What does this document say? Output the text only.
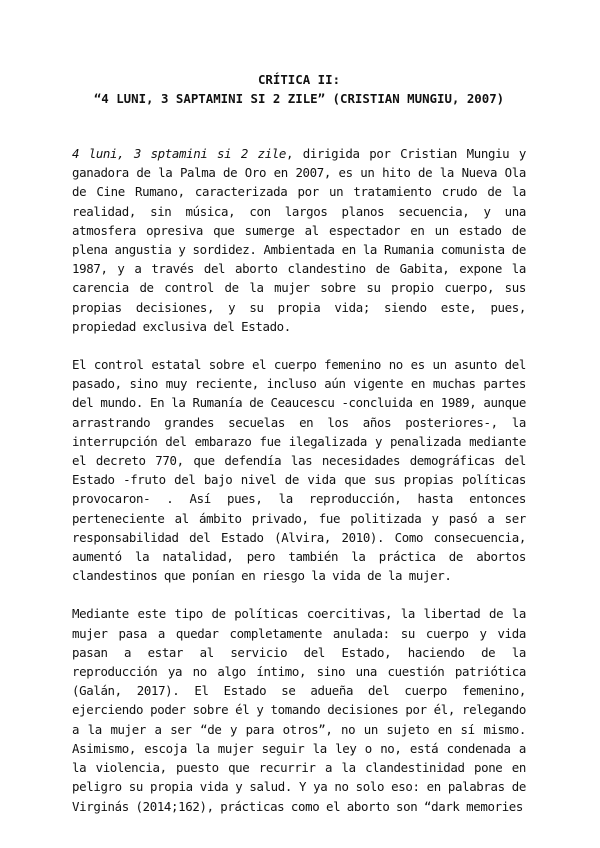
CRÍTICA II:
“4 LUNI, 3 SAPTAMINI SI 2 ZILE” (CRISTIAN MUNGIU, 2007)

4 luni, 3 sptamini si 2 zile, dirigida por Cristian Mungiu y ganadora de la Palma de Oro en 2007, es un hito de la Nueva Ola de Cine Rumano, caracterizada por un tratamiento crudo de la realidad, sin música, con largos planos secuencia, y una atmosfera opresiva que sumerge al espectador en un estado de plena angustia y sordidez. Ambientada en la Rumania comunista de 1987, y a través del aborto clandestino de Gabita, expone la carencia de control de la mujer sobre su propio cuerpo, sus propias decisiones, y su propia vida; siendo este, pues, propiedad exclusiva del Estado.

El control estatal sobre el cuerpo femenino no es un asunto del pasado, sino muy reciente, incluso aún vigente en muchas partes del mundo. En la Rumanía de Ceaucescu -concluida en 1989, aunque arrastrando grandes secuelas en los años posteriores-, la interrupción del embarazo fue ilegalizada y penalizada mediante el decreto 770, que defendía las necesidades demográficas del Estado -fruto del bajo nivel de vida que sus propias políticas provocaron- . Así pues, la reproducción, hasta entonces perteneciente al ámbito privado, fue politizada y pasó a ser responsabilidad del Estado (Alvira, 2010). Como consecuencia, aumentó la natalidad, pero también la práctica de abortos clandestinos que ponían en riesgo la vida de la mujer.

Mediante este tipo de políticas coercitivas, la libertad de la mujer pasa a quedar completamente anulada: su cuerpo y vida pasan a estar al servicio del Estado, haciendo de la reproducción ya no algo íntimo, sino una cuestión patriótica (Galán, 2017). El Estado se adueña del cuerpo femenino, ejerciendo poder sobre él y tomando decisiones por él, relegando a la mujer a ser “de y para otros”, no un sujeto en sí mismo. Asimismo, escoja la mujer seguir la ley o no, está condenada a la violencia, puesto que recurrir a la clandestinidad pone en peligro su propia vida y salud. Y ya no solo eso: en palabras de Virginás (2014;162), prácticas como el aborto son “dark memories
